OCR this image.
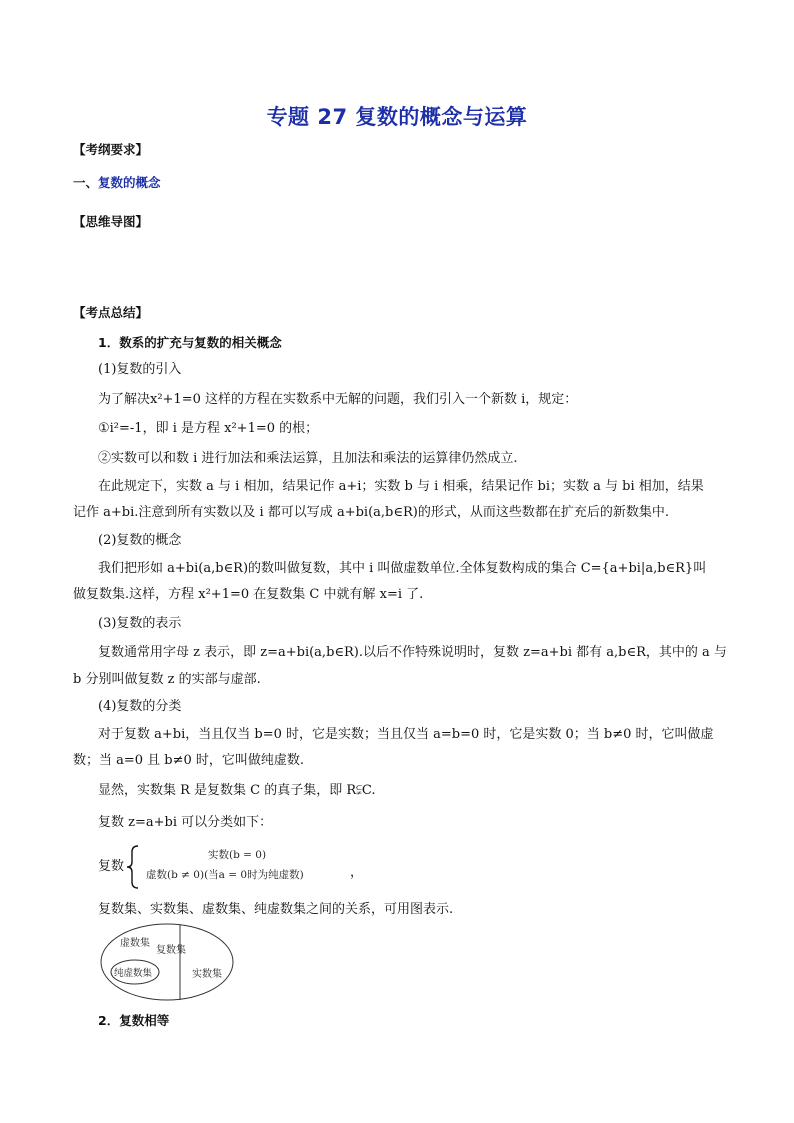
专题 27 复数的概念与运算
【考纲要求】
一、复数的概念
【思维导图】
【考点总结】
1．数系的扩充与复数的相关概念
(1)复数的引入
为了解决x²+1=0 这样的方程在实数系中无解的问题，我们引入一个新数 i，规定：
①i²=-1，即 i 是方程 x²+1=0 的根；
②实数可以和数 i 进行加法和乘法运算，且加法和乘法的运算律仍然成立.
在此规定下，实数 a 与 i 相加，结果记作 a+i；实数 b 与 i 相乘，结果记作 bi；实数 a 与 bi 相加，结果
记作 a+bi.注意到所有实数以及 i 都可以写成 a+bi(a,b∈R)的形式，从而这些数都在扩充后的新数集中.
(2)复数的概念
我们把形如 a+bi(a,b∈R)的数叫做复数，其中 i 叫做虚数单位.全体复数构成的集合 C={a+bi|a,b∈R}叫
做复数集.这样，方程 x²+1=0 在复数集 C 中就有解 x=i 了.
(3)复数的表示
复数通常用字母 z 表示，即 z=a+bi(a,b∈R).以后不作特殊说明时，复数 z=a+bi 都有 a,b∈R，其中的 a 与
b 分别叫做复数 z 的实部与虚部.
(4)复数的分类
对于复数 a+bi，当且仅当 b=0 时，它是实数；当且仅当 a=b=0 时，它是实数 0；当 b≠0 时，它叫做虚
数；当 a=0 且 b≠0 时，它叫做纯虚数.
显然，实数集 R 是复数集 C 的真子集，即 R⫋C.
复数 z=a+bi 可以分类如下：
复数
实数(b = 0)
虚数(b ≠ 0)(当a = 0时为纯虚数)	，
复数集、实数集、虚数集、纯虚数集之间的关系，可用图表示.
虚数集
复数集
纯虚数集	实数集
2．复数相等
